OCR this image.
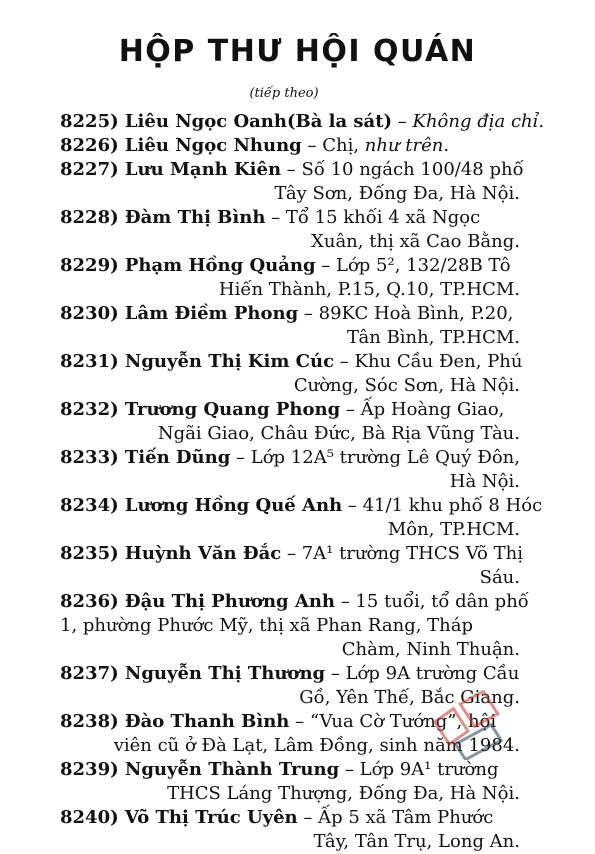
HỘP THƯ HỘI QUÁN
(tiếp theo)
8225) Liêu Ngọc Oanh(Bà la sát) – Không địa chỉ.
8226) Liêu Ngọc Nhung – Chị, như trên.
8227) Lưu Mạnh Kiên – Số 10 ngách 100/48 phố
Tây Sơn, Đống Đa, Hà Nội.
8228) Đàm Thị Bình – Tổ 15 khối 4 xã Ngọc
Xuân, thị xã Cao Bằng.
8229) Phạm Hồng Quảng – Lớp 5², 132/28B Tô
Hiến Thành, P.15, Q.10, TP.HCM.
8230) Lâm Điềm Phong – 89KC Hoà Bình, P.20,
Tân Bình, TP.HCM.
8231) Nguyễn Thị Kim Cúc – Khu Cầu Đen, Phú
Cường, Sóc Sơn, Hà Nội.
8232) Trương Quang Phong – Ấp Hoàng Giao,
Ngãi Giao, Châu Đức, Bà Rịa Vũng Tàu.
8233) Tiến Dũng – Lớp 12A⁵ trường Lê Quý Đôn,
Hà Nội.
8234) Lương Hồng Quế Anh – 41/1 khu phố 8 Hóc
Môn, TP.HCM.
8235) Huỳnh Văn Đắc – 7A¹ trường THCS Võ Thị
Sáu.
8236) Đậu Thị Phương Anh – 15 tuổi, tổ dân phố
1, phường Phước Mỹ, thị xã Phan Rang, Tháp
Chàm, Ninh Thuận.
8237) Nguyễn Thị Thương – Lớp 9A trường Cầu
Gồ, Yên Thế, Bắc Giang.
8238) Đào Thanh Bình – “Vua Cờ Tướng”, hội
viên cũ ở Đà Lạt, Lâm Đồng, sinh năm 1984.
8239) Nguyễn Thành Trung – Lớp 9A¹ trường
THCS Láng Thượng, Đống Đa, Hà Nội.
8240) Võ Thị Trúc Uyên – Ấp 5 xã Tâm Phước
Tây, Tân Trụ, Long An.
